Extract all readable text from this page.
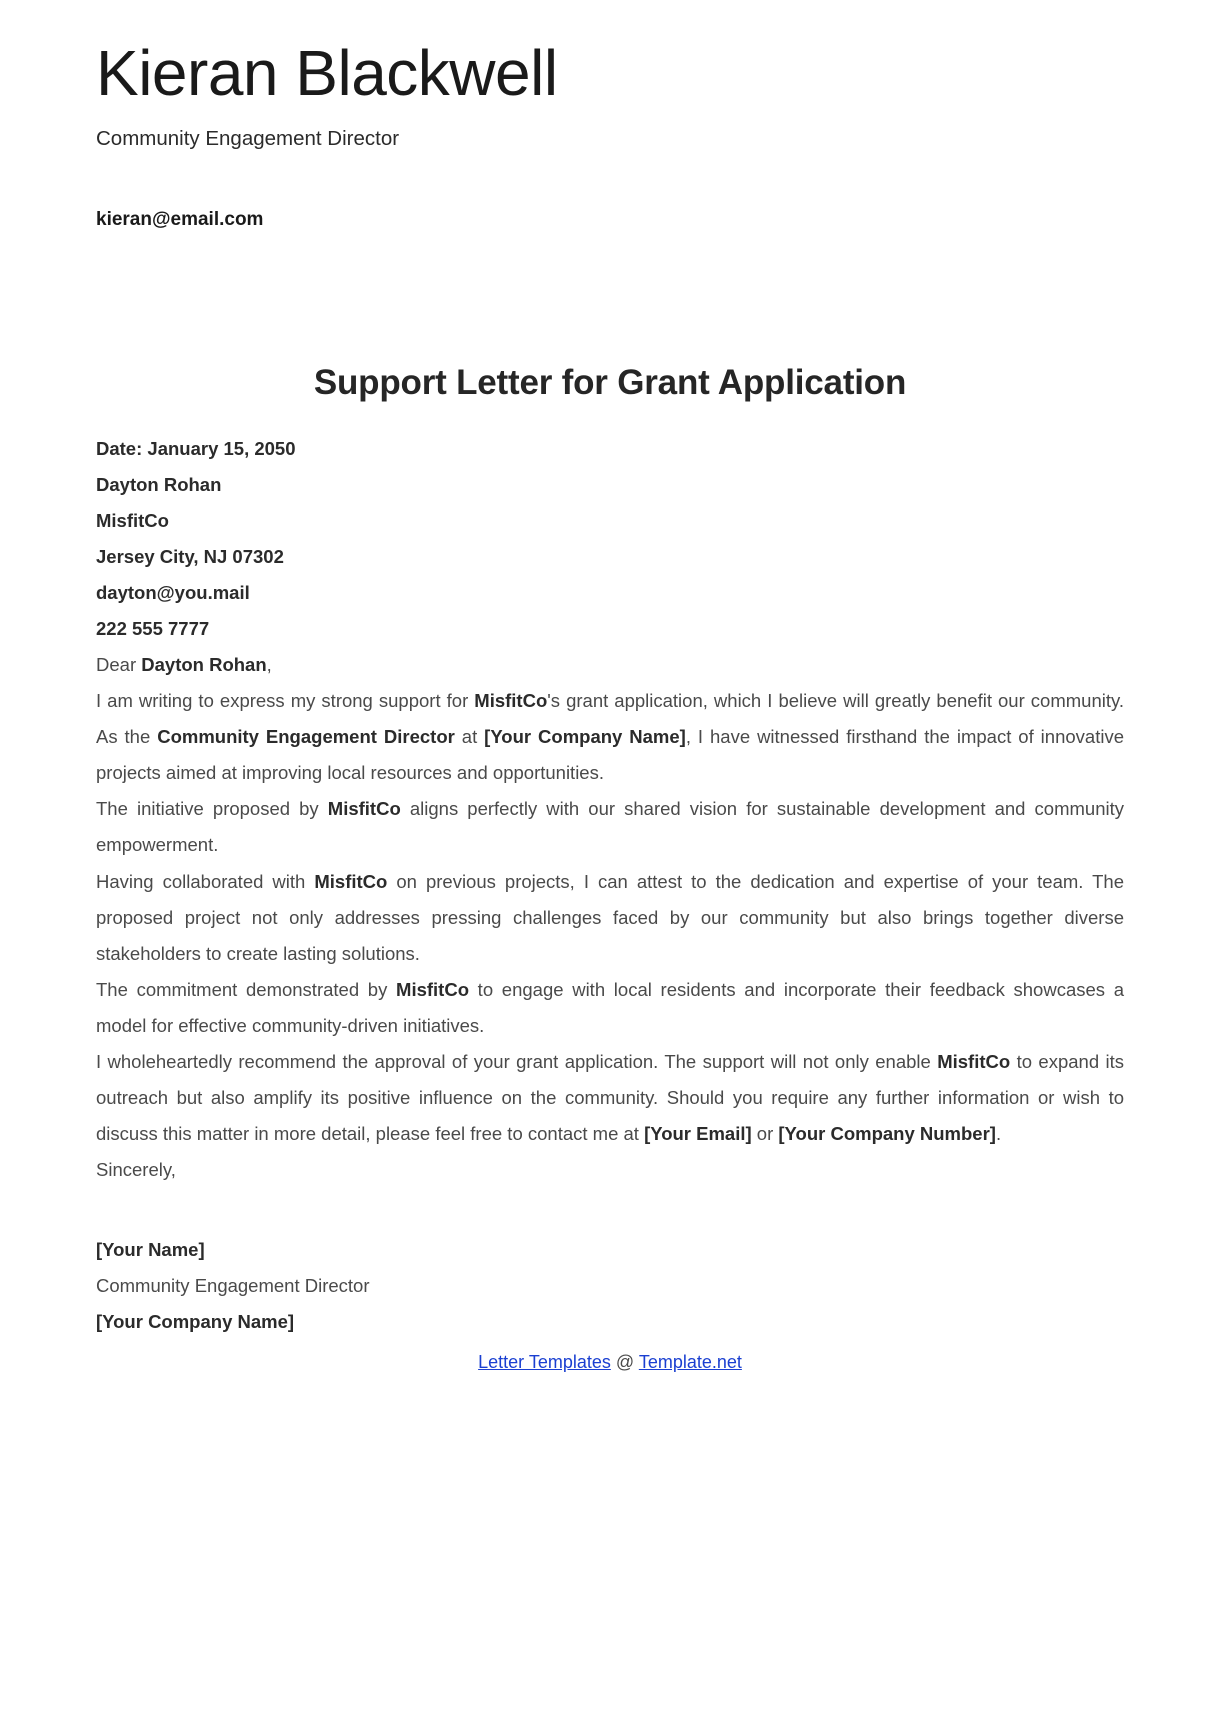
Kieran Blackwell
Community Engagement Director
kieran@email.com
Support Letter for Grant Application
Date: January 15, 2050
Dayton Rohan
MisfitCo
Jersey City, NJ 07302
dayton@you.mail
222 555 7777
Dear Dayton Rohan,

I am writing to express my strong support for MisfitCo's grant application, which I believe will greatly benefit our community. As the Community Engagement Director at [Your Company Name], I have witnessed firsthand the impact of innovative projects aimed at improving local resources and opportunities.

The initiative proposed by MisfitCo aligns perfectly with our shared vision for sustainable development and community empowerment.

Having collaborated with MisfitCo on previous projects, I can attest to the dedication and expertise of your team. The proposed project not only addresses pressing challenges faced by our community but also brings together diverse stakeholders to create lasting solutions.

The commitment demonstrated by MisfitCo to engage with local residents and incorporate their feedback showcases a model for effective community-driven initiatives.

I wholeheartedly recommend the approval of your grant application. The support will not only enable MisfitCo to expand its outreach but also amplify its positive influence on the community. Should you require any further information or wish to discuss this matter in more detail, please feel free to contact me at [Your Email] or [Your Company Number].

Sincerely,

[Your Name]
Community Engagement Director
[Your Company Name]
Letter Templates @ Template.net
